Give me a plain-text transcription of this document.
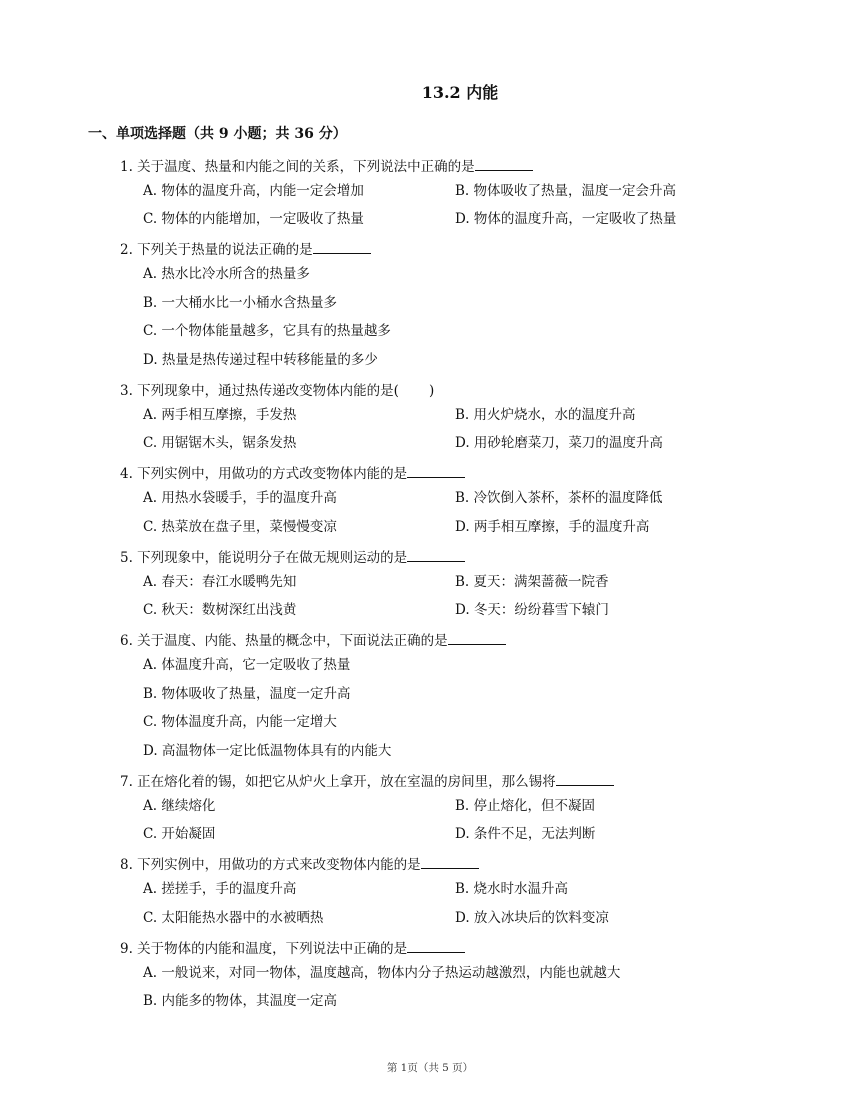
13.2 内能
一、单项选择题（共 9 小题；共 36 分）
1. 关于温度、热量和内能之间的关系，下列说法中正确的是
A. 物体的温度升高，内能一定会增加	B. 物体吸收了热量，温度一定会升高
C. 物体的内能增加，一定吸收了热量	D. 物体的温度升高，一定吸收了热量
2. 下列关于热量的说法正确的是
A. 热水比冷水所含的热量多
B. 一大桶水比一小桶水含热量多
C. 一个物体能量越多，它具有的热量越多
D. 热量是热传递过程中转移能量的多少
3. 下列现象中，通过热传递改变物体内能的是( )
A. 两手相互摩擦，手发热	B. 用火炉烧水，水的温度升高
C. 用锯锯木头，锯条发热	D. 用砂轮磨菜刀，菜刀的温度升高
4. 下列实例中，用做功的方式改变物体内能的是
A. 用热水袋暖手，手的温度升高	B. 冷饮倒入茶杯，茶杯的温度降低
C. 热菜放在盘子里，菜慢慢变凉	D. 两手相互摩擦，手的温度升高
5. 下列现象中，能说明分子在做无规则运动的是
A. 春天：春江水暖鸭先知	B. 夏天：满架蔷薇一院香
C. 秋天：数树深红出浅黄	D. 冬天：纷纷暮雪下辕门
6. 关于温度、内能、热量的概念中，下面说法正确的是
A. 体温度升高，它一定吸收了热量
B. 物体吸收了热量，温度一定升高
C. 物体温度升高，内能一定增大
D. 高温物体一定比低温物体具有的内能大
7. 正在熔化着的锡，如把它从炉火上拿开，放在室温的房间里，那么锡将
A. 继续熔化	B. 停止熔化，但不凝固
C. 开始凝固	D. 条件不足，无法判断
8. 下列实例中，用做功的方式来改变物体内能的是
A. 搓搓手，手的温度升高	B. 烧水时水温升高
C. 太阳能热水器中的水被晒热	D. 放入冰块后的饮料变凉
9. 关于物体的内能和温度，下列说法中正确的是
A. 一般说来，对同一物体，温度越高，物体内分子热运动越激烈，内能也就越大
B. 内能多的物体，其温度一定高
第 1页（共 5 页）
